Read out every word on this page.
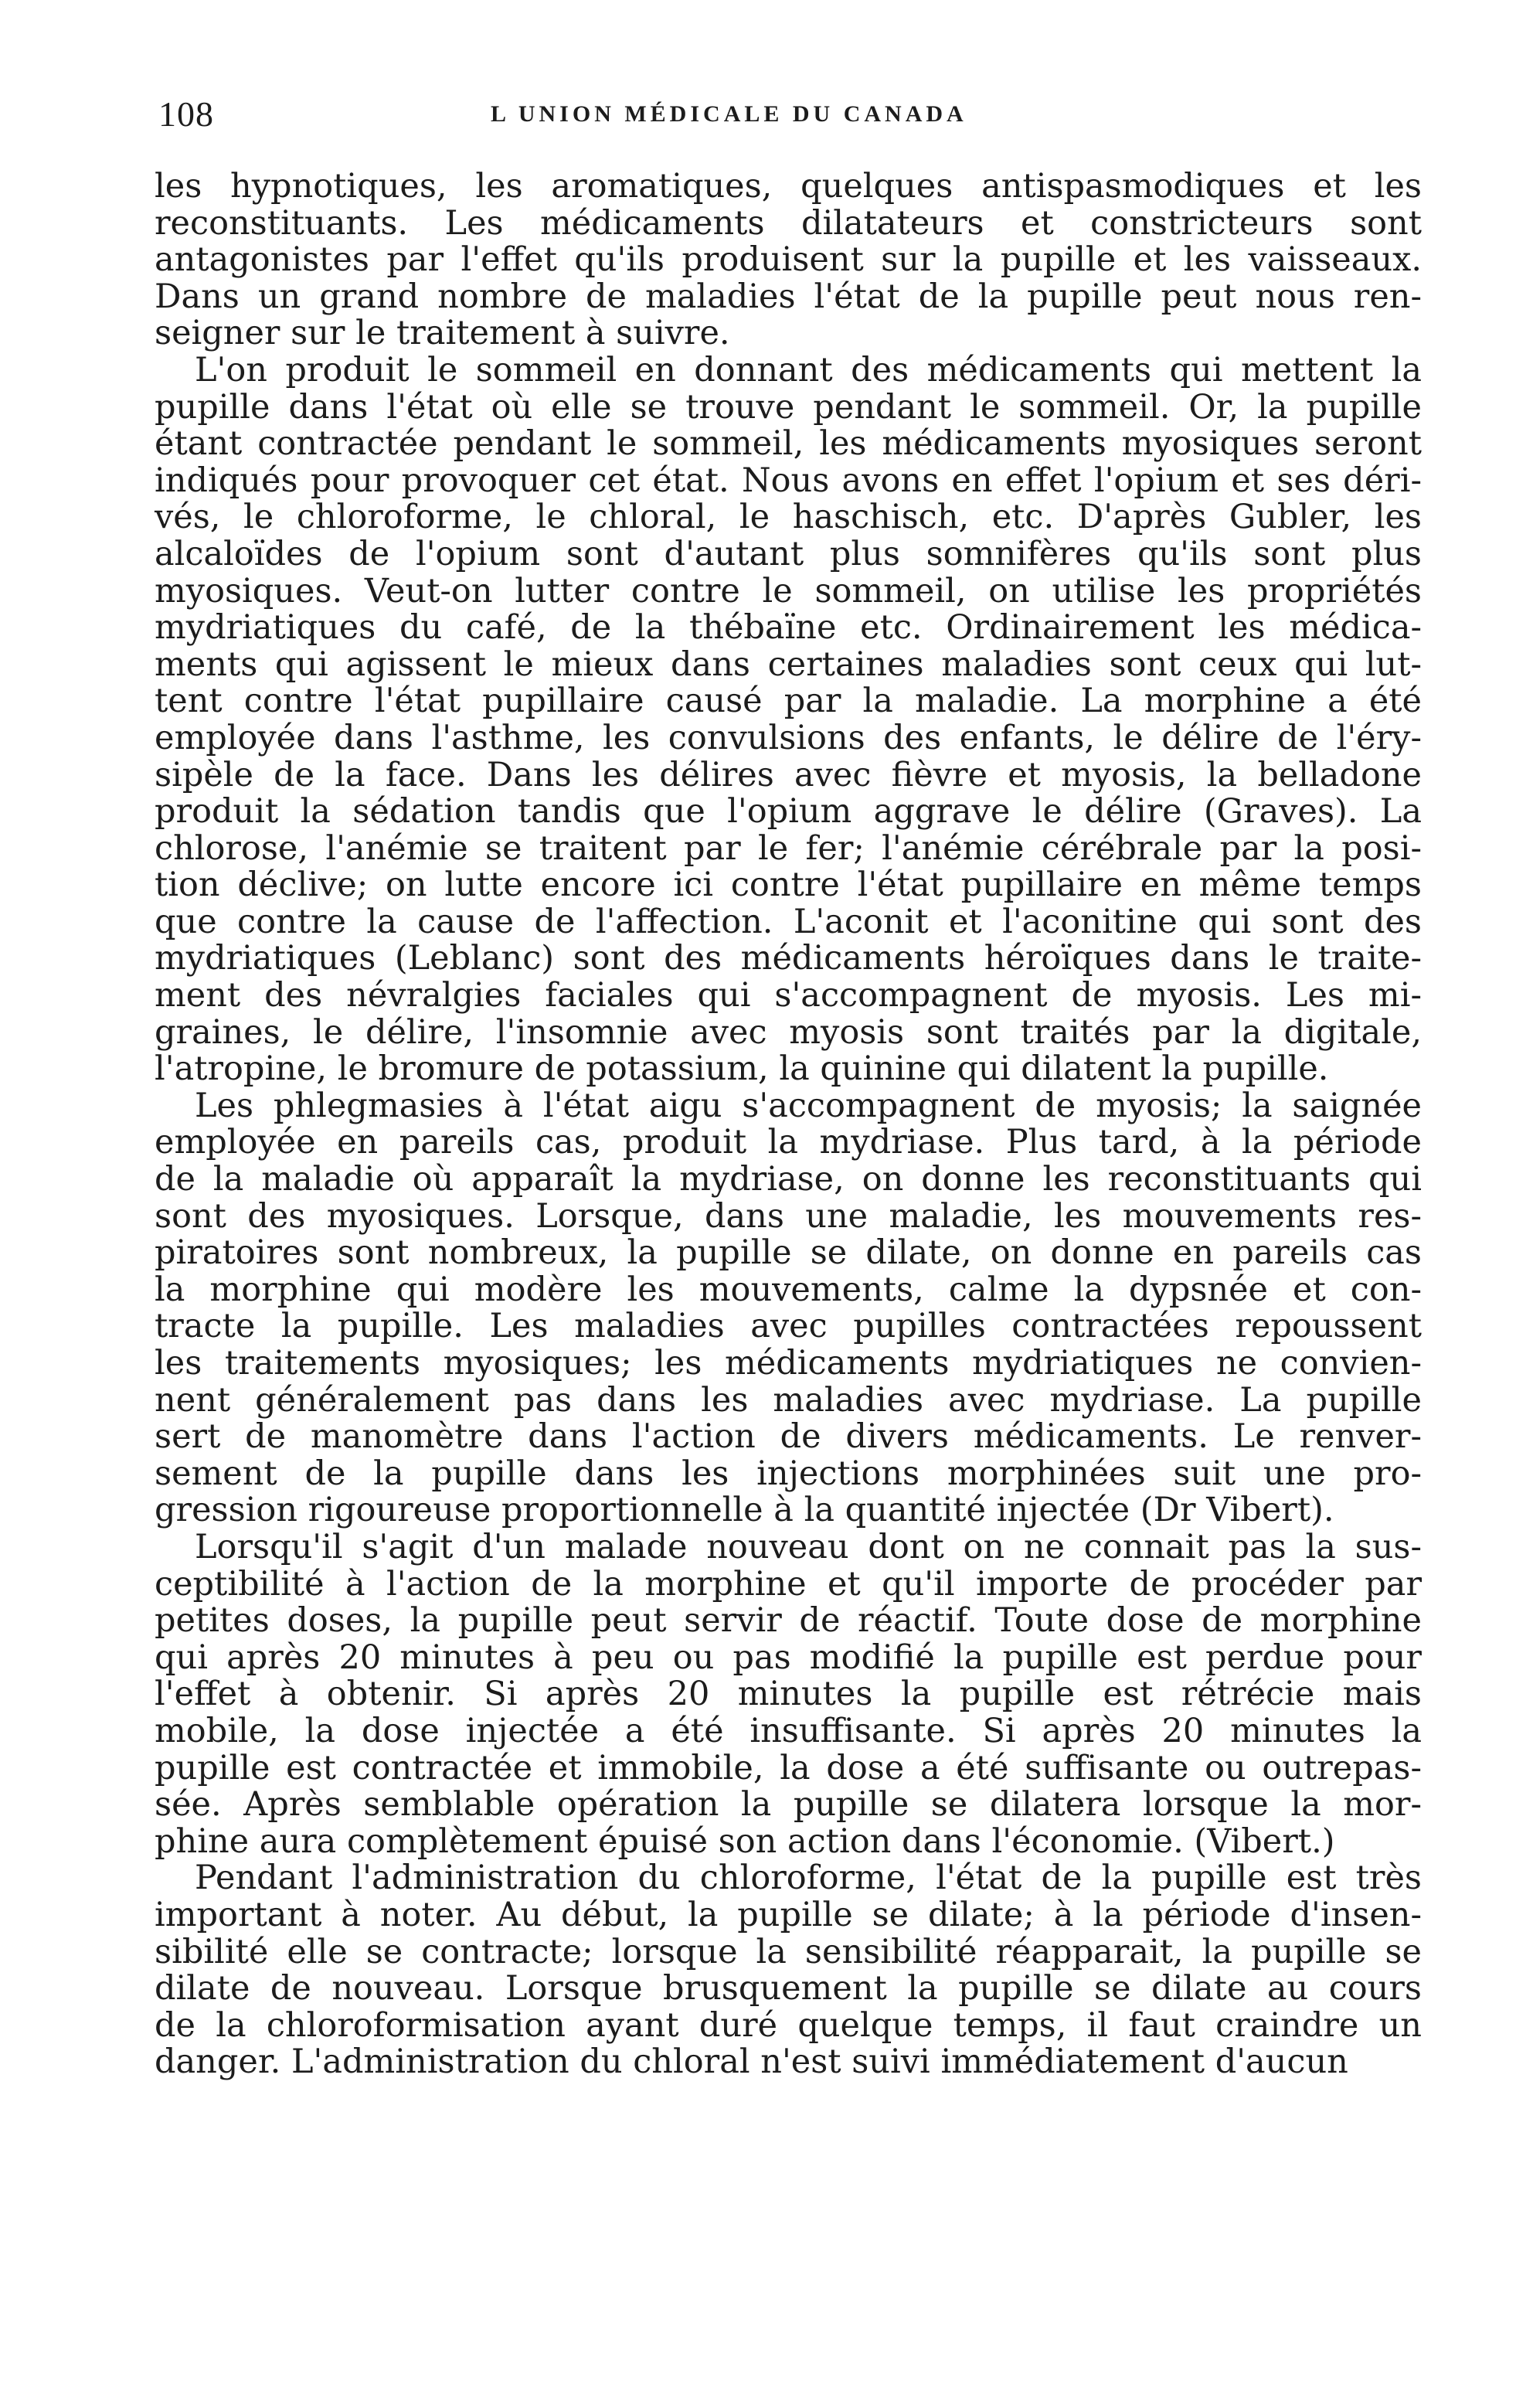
108	L UNION MÉDICALE DU CANADA
les hypnotiques, les aromatiques, quelques antispasmodiques et les
reconstituants. Les médicaments dilatateurs et constricteurs sont
antagonistes par l'effet qu'ils produisent sur la pupille et les vaisseaux.
Dans un grand nombre de maladies l'état de la pupille peut nous ren-
seigner sur le traitement à suivre.
L'on produit le sommeil en donnant des médicaments qui mettent la
pupille dans l'état où elle se trouve pendant le sommeil. Or, la pupille
étant contractée pendant le sommeil, les médicaments myosiques seront
indiqués pour provoquer cet état. Nous avons en effet l'opium et ses déri-
vés, le chloroforme, le chloral, le haschisch, etc. D'après Gubler, les
alcaloïdes de l'opium sont d'autant plus somnifères qu'ils sont plus
myosiques. Veut-on lutter contre le sommeil, on utilise les propriétés
mydriatiques du café, de la thébaïne etc. Ordinairement les médica-
ments qui agissent le mieux dans certaines maladies sont ceux qui lut-
tent contre l'état pupillaire causé par la maladie. La morphine a été
employée dans l'asthme, les convulsions des enfants, le délire de l'éry-
sipèle de la face. Dans les délires avec fièvre et myosis, la belladone
produit la sédation tandis que l'opium aggrave le délire (Graves). La
chlorose, l'anémie se traitent par le fer; l'anémie cérébrale par la posi-
tion déclive; on lutte encore ici contre l'état pupillaire en même temps
que contre la cause de l'affection. L'aconit et l'aconitine qui sont des
mydriatiques (Leblanc) sont des médicaments héroïques dans le traite-
ment des névralgies faciales qui s'accompagnent de myosis. Les mi-
graines, le délire, l'insomnie avec myosis sont traités par la digitale,
l'atropine, le bromure de potassium, la quinine qui dilatent la pupille.
Les phlegmasies à l'état aigu s'accompagnent de myosis; la saignée
employée en pareils cas, produit la mydriase. Plus tard, à la période
de la maladie où apparaît la mydriase, on donne les reconstituants qui
sont des myosiques. Lorsque, dans une maladie, les mouvements res-
piratoires sont nombreux, la pupille se dilate, on donne en pareils cas
la morphine qui modère les mouvements, calme la dypsnée et con-
tracte la pupille. Les maladies avec pupilles contractées repoussent
les traitements myosiques; les médicaments mydriatiques ne convien-
nent généralement pas dans les maladies avec mydriase. La pupille
sert de manomètre dans l'action de divers médicaments. Le renver-
sement de la pupille dans les injections morphinées suit une pro-
gression rigoureuse proportionnelle à la quantité injectée (Dr Vibert).
Lorsqu'il s'agit d'un malade nouveau dont on ne connait pas la sus-
ceptibilité à l'action de la morphine et qu'il importe de procéder par
petites doses, la pupille peut servir de réactif. Toute dose de morphine
qui après 20 minutes à peu ou pas modifié la pupille est perdue pour
l'effet à obtenir. Si après 20 minutes la pupille est rétrécie mais
mobile, la dose injectée a été insuffisante. Si après 20 minutes la
pupille est contractée et immobile, la dose a été suffisante ou outrepas-
sée. Après semblable opération la pupille se dilatera lorsque la mor-
phine aura complètement épuisé son action dans l'économie. (Vibert.)
Pendant l'administration du chloroforme, l'état de la pupille est très
important à noter. Au début, la pupille se dilate; à la période d'insen-
sibilité elle se contracte; lorsque la sensibilité réapparait, la pupille se
dilate de nouveau. Lorsque brusquement la pupille se dilate au cours
de la chloroformisation ayant duré quelque temps, il faut craindre un
danger. L'administration du chloral n'est suivi immédiatement d'aucun
